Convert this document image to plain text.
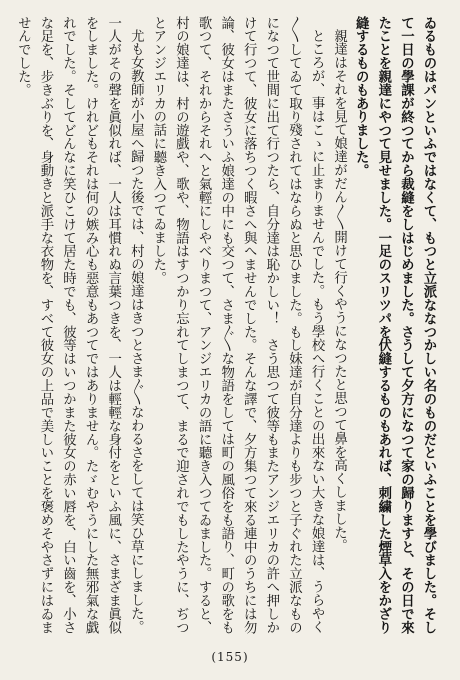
ゐるものはパンといふではなくて、もつと立派ななつかしい名のものだといふことを學びました。そして一日の學課が終つてから裁縫をしはじめました。さうして夕方になつて家の歸りますと、その日で來たことを親達にやつて見せました。一足のスリツパを伏縫するものもあれば、刺繍した煙草入をかざり縫するものもありました。

親達はそれを見て娘達がだん〳〵開けて行くやうになつたと思つて鼻を高くしました。

ところが、事はこゝに止まりませんでした。もう學校へ行くことの出來ない大きな娘達は、うらやく〳〵してゐて取り殘されてはならぬと思ひました。もし妹達が自分達よりも步つと子ぐれた立派なものになつて世間に出て行つたら、自分達は恥かしい！　さう思つて彼等もまたアンジエリカの許へ押しかけて行つて、彼女に落ちつく暇さへ與へませんでした。そんな譯で、夕方集つて來る連中のうちには勿論、彼女はまたさういふ娘達の中にも交つて、さま〴〵な物語をしては町の風俗をも語り、町の歌をも歌つて、それからそれへと氣輕にしやべりまつて、アンジエリカの語に聽き入つてゐました。すると、村の娘達は、村の遊戲や、歌や、物語はすつかり忘れてしまつて、まるで迎されでもしたやうに、ぢつとアンジエリカの話に聽き入つてゐました。

尤も女教師が小屋へ歸つた後では、村の娘達はきつとさま〴〵なわるさをしては笑ひ草にしました。一人がその聲を眞似れば、一人は耳慣れぬ言葉つきを、一人は輕輕な身付をといふ風に、さまざま眞似をしました。けれどもそれは何の嫉み心も惡意もあつてではありません。たゞむやうにした無邪氣な戯れでした。そしてどんなに笑ひこけて居た時でも、彼等はいつかまた彼女の赤い唇を、白い齒を、小さな足を、步きぶりを、身動きと派手な衣物を、すべて彼女の上品で美しいことを褒めそやさずにはゐませんでした。

(155)
